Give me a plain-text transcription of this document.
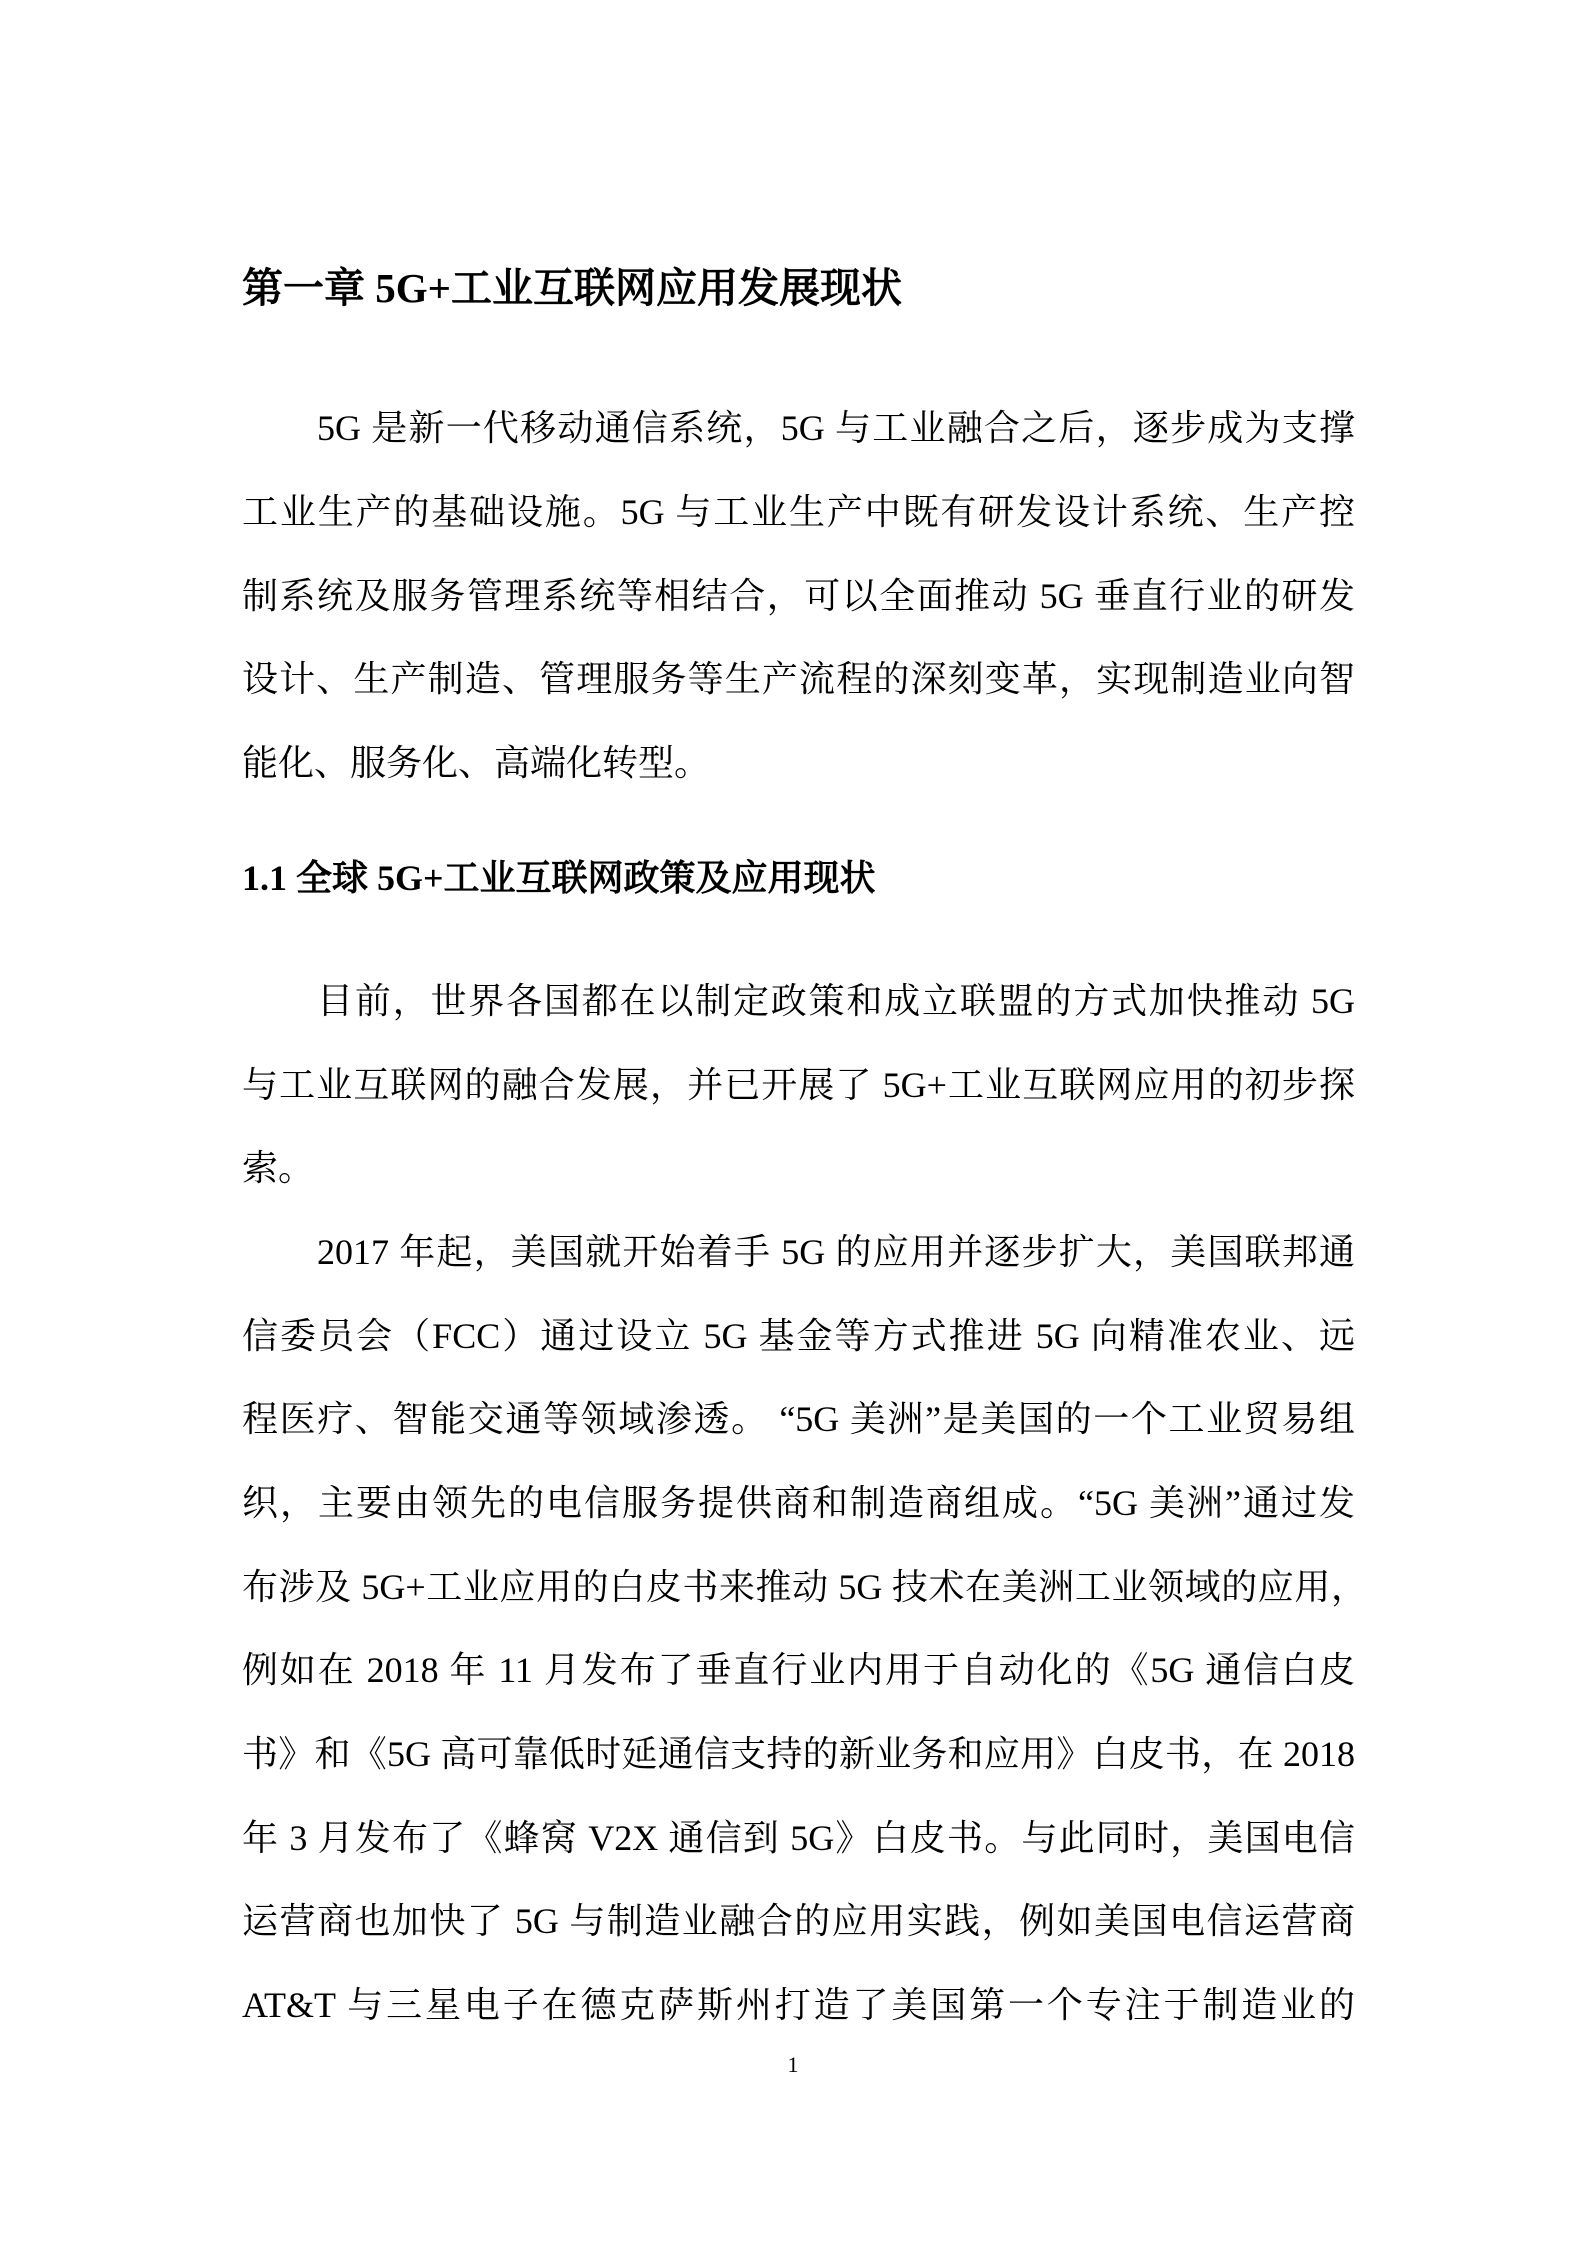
第一章 5G+工业互联网应用发展现状
5G 是新一代移动通信系统，5G 与工业融合之后，逐步成为支撑
工业生产的基础设施。5G 与工业生产中既有研发设计系统、生产控
制系统及服务管理系统等相结合，可以全面推动 5G 垂直行业的研发
设计、生产制造、管理服务等生产流程的深刻变革，实现制造业向智
能化、服务化、高端化转型。
1.1 全球 5G+工业互联网政策及应用现状
目前，世界各国都在以制定政策和成立联盟的方式加快推动 5G
与工业互联网的融合发展，并已开展了 5G+工业互联网应用的初步探
索。
2017 年起，美国就开始着手 5G 的应用并逐步扩大，美国联邦通
信委员会（FCC）通过设立 5G 基金等方式推进 5G 向精准农业、远
程医疗、智能交通等领域渗透。 “5G 美洲”是美国的一个工业贸易组
织，主要由领先的电信服务提供商和制造商组成。“5G 美洲”通过发
布涉及 5G+工业应用的白皮书来推动 5G 技术在美洲工业领域的应用，
例如在 2018 年 11 月发布了垂直行业内用于自动化的《5G 通信白皮
书》和《5G 高可靠低时延通信支持的新业务和应用》白皮书，在 2018
年 3 月发布了《蜂窝 V2X 通信到 5G》白皮书。与此同时，美国电信
运营商也加快了 5G 与制造业融合的应用实践，例如美国电信运营商
AT&T 与三星电子在德克萨斯州打造了美国第一个专注于制造业的
1
